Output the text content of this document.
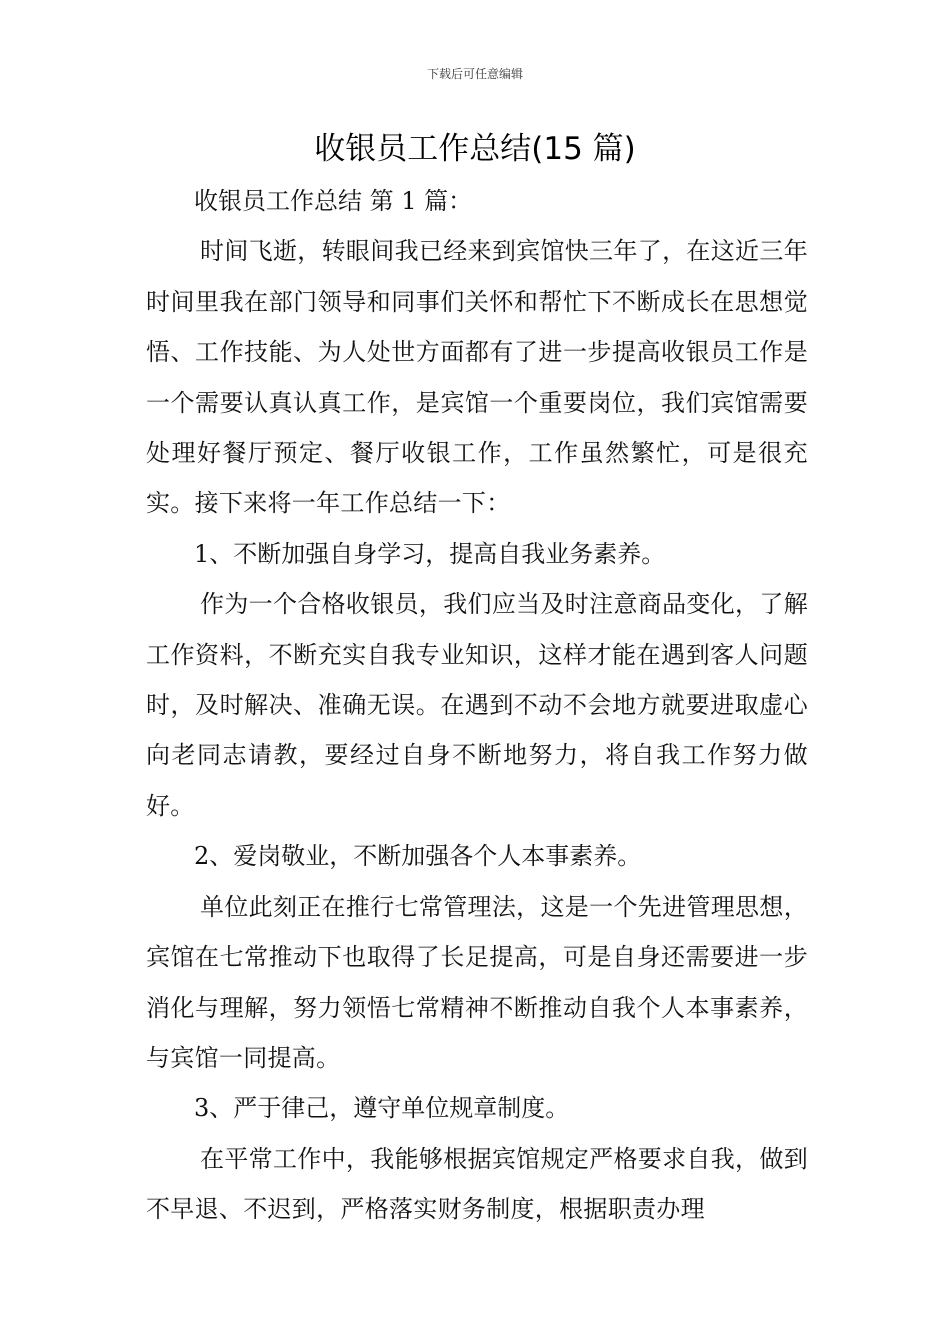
下载后可任意编辑
收银员工作总结(15 篇)

收银员工作总结 第 1 篇：

时间飞逝，转眼间我已经来到宾馆快三年了，在这近三年时间里我在部门领导和同事们关怀和帮忙下不断成长在思想觉悟、工作技能、为人处世方面都有了进一步提高收银员工作是一个需要认真认真工作，是宾馆一个重要岗位，我们宾馆需要处理好餐厅预定、餐厅收银工作，工作虽然繁忙，可是很充实。接下来将一年工作总结一下：

1、不断加强自身学习，提高自我业务素养。

作为一个合格收银员，我们应当及时注意商品变化，了解工作资料，不断充实自我专业知识，这样才能在遇到客人问题时，及时解决、准确无误。在遇到不动不会地方就要进取虚心向老同志请教，要经过自身不断地努力，将自我工作努力做好。

2、爱岗敬业，不断加强各个人本事素养。

单位此刻正在推行七常管理法，这是一个先进管理思想，宾馆在七常推动下也取得了长足提高，可是自身还需要进一步消化与理解，努力领悟七常精神不断推动自我个人本事素养，与宾馆一同提高。

3、严于律己，遵守单位规章制度。

在平常工作中，我能够根据宾馆规定严格要求自我，做到不早退、不迟到，严格落实财务制度，根据职责办理
